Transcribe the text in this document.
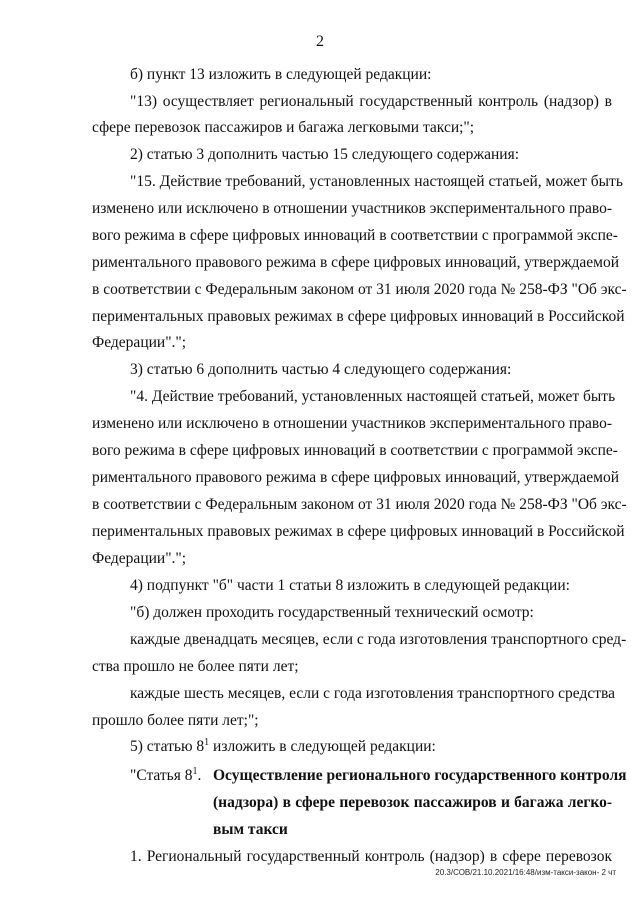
2
б) пункт 13 изложить в следующей редакции:
"13) осуществляет региональный государственный контроль (надзор) в
сфере перевозок пассажиров и багажа легковыми такси;";
2) статью 3 дополнить частью 15 следующего содержания:
"15. Действие требований, установленных настоящей статьей, может быть
изменено или исключено в отношении участников экспериментального право-
вого режима в сфере цифровых инноваций в соответствии с программой экспе-
риментального правового режима в сфере цифровых инноваций, утверждаемой
в соответствии с Федеральным законом от 31 июля 2020 года № 258-ФЗ "Об экс-
периментальных правовых режимах в сфере цифровых инноваций в Российской
Федерации".";
3) статью 6 дополнить частью 4 следующего содержания:
"4. Действие требований, установленных настоящей статьей, может быть
изменено или исключено в отношении участников экспериментального право-
вого режима в сфере цифровых инноваций в соответствии с программой экспе-
риментального правового режима в сфере цифровых инноваций, утверждаемой
в соответствии с Федеральным законом от 31 июля 2020 года № 258-ФЗ "Об экс-
периментальных правовых режимах в сфере цифровых инноваций в Российской
Федерации".";
4) подпункт "б" части 1 статьи 8 изложить в следующей редакции:
"б) должен проходить государственный технический осмотр:
каждые двенадцать месяцев, если с года изготовления транспортного сред-
ства прошло не более пяти лет;
каждые шесть месяцев, если с года изготовления транспортного средства
прошло более пяти лет;";
5) статью $8^1$ изложить в следующей редакции:
"Статья $8^1$. Осуществление регионального государственного контроля
(надзора) в сфере перевозок пассажиров и багажа легко-
вым такси
1. Региональный государственный контроль (надзор) в сфере перевозок
20.3/СОВ/21.10.2021/16:48/изм-такси-закон- 2 чт
